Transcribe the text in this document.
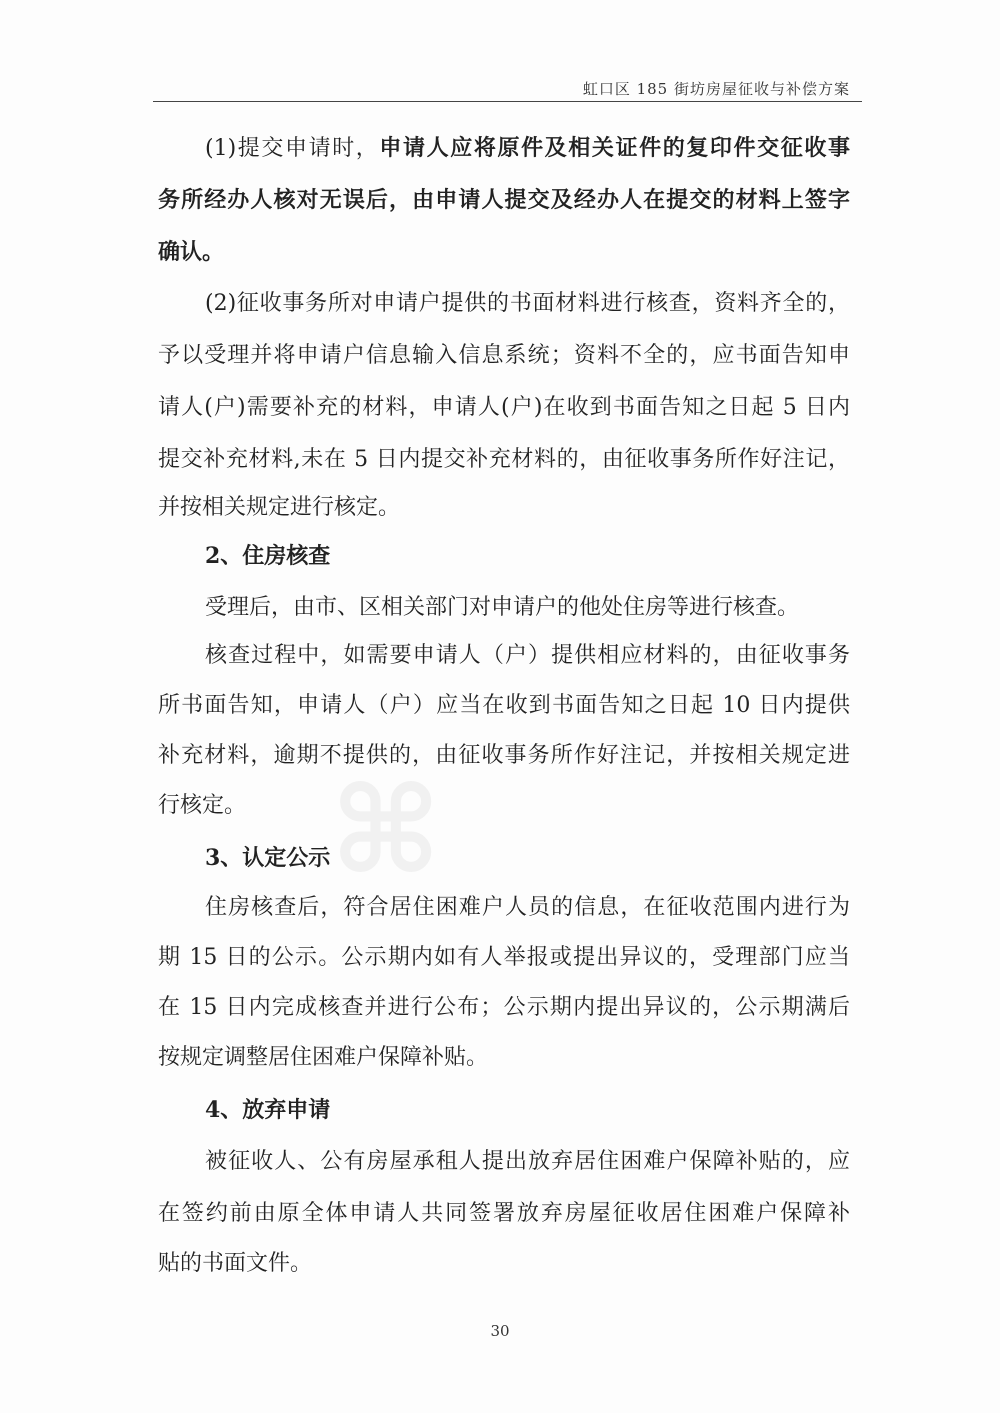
⌘
虹口区 185 街坊房屋征收与补偿方案
(1)提交申请时，申请人应将原件及相关证件的复印件交征收事
务所经办人核对无误后，由申请人提交及经办人在提交的材料上签字
确认。
(2)征收事务所对申请户提供的书面材料进行核查，资料齐全的，
予以受理并将申请户信息输入信息系统；资料不全的，应书面告知申
请人(户)需要补充的材料，申请人(户)在收到书面告知之日起 5 日内
提交补充材料,未在 5 日内提交补充材料的，由征收事务所作好注记，
并按相关规定进行核定。
2、住房核查
受理后，由市、区相关部门对申请户的他处住房等进行核查。
核查过程中，如需要申请人（户）提供相应材料的，由征收事务
所书面告知，申请人（户）应当在收到书面告知之日起 10 日内提供
补充材料，逾期不提供的，由征收事务所作好注记，并按相关规定进
行核定。
3、认定公示
住房核查后，符合居住困难户人员的信息，在征收范围内进行为
期 15 日的公示。公示期内如有人举报或提出异议的，受理部门应当
在 15 日内完成核查并进行公布；公示期内提出异议的，公示期满后
按规定调整居住困难户保障补贴。
4、放弃申请
被征收人、公有房屋承租人提出放弃居住困难户保障补贴的，应
在签约前由原全体申请人共同签署放弃房屋征收居住困难户保障补
贴的书面文件。
30
